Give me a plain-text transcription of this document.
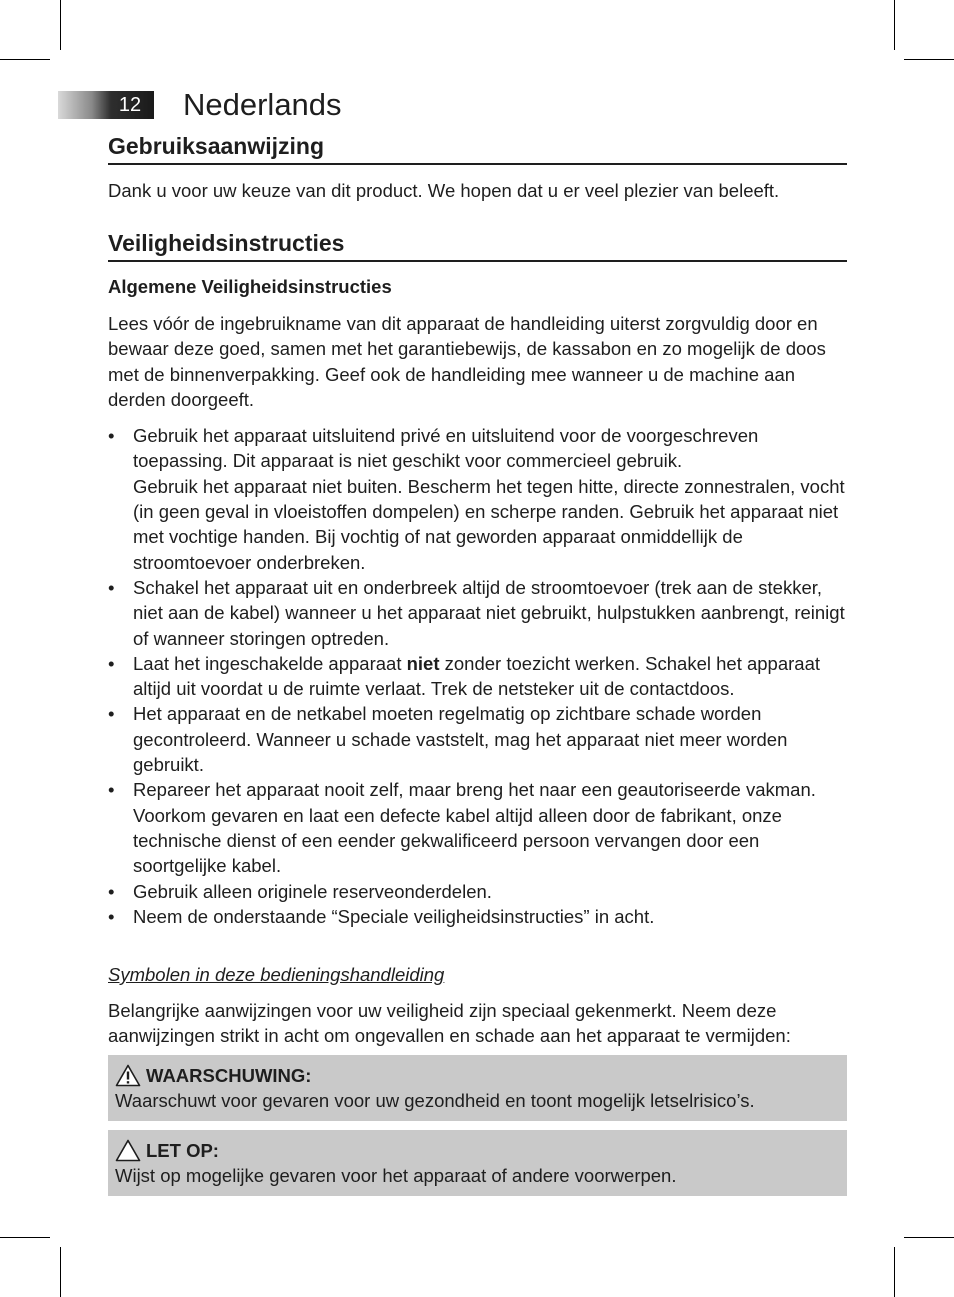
12	Nederlands
Gebruiksaanwijzing

Dank u voor uw keuze van dit product. We hopen dat u er veel plezier van beleeft.

Veiligheidsinstructies
Algemene Veiligheidsinstructies

Lees vóór de ingebruikname van dit apparaat de handleiding uiterst zorgvuldig door en bewaar deze goed, samen met het garantiebewijs, de kassabon en zo mogelijk de doos met de binnenverpakking. Geef ook de handleiding mee wanneer u de machine aan derden doorgeeft.

• Gebruik het apparaat uitsluitend privé en uitsluitend voor de voorgeschreven toepassing. Dit apparaat is niet geschikt voor commercieel gebruik.
Gebruik het apparaat niet buiten. Bescherm het tegen hitte, directe zonnestralen, vocht (in geen geval in vloeistoffen dompelen) en scherpe randen. Gebruik het apparaat niet met vochtige handen. Bij vochtig of nat geworden apparaat onmiddellijk de stroomtoevoer onderbreken.
• Schakel het apparaat uit en onderbreek altijd de stroomtoevoer (trek aan de stekker, niet aan de kabel) wanneer u het apparaat niet gebruikt, hulpstukken aanbrengt, reinigt of wanneer storingen optreden.
• Laat het ingeschakelde apparaat niet zonder toezicht werken. Schakel het apparaat altijd uit voordat u de ruimte verlaat. Trek de netsteker uit de contactdoos.
• Het apparaat en de netkabel moeten regelmatig op zichtbare schade worden gecontroleerd. Wanneer u schade vaststelt, mag het apparaat niet meer worden gebruikt.
• Repareer het apparaat nooit zelf, maar breng het naar een geautoriseerde vakman. Voorkom gevaren en laat een defecte kabel altijd alleen door de fabrikant, onze technische dienst of een eender gekwalificeerd persoon vervangen door een soortgelijke kabel.
• Gebruik alleen originele reserveonderdelen.
• Neem de onderstaande “Speciale veiligheidsinstructies” in acht.
Symbolen in deze bedieningshandleiding

Belangrijke aanwijzingen voor uw veiligheid zijn speciaal gekenmerkt. Neem deze aanwijzingen strikt in acht om ongevallen en schade aan het apparaat te vermijden:

WAARSCHUWING:
Waarschuwt voor gevaren voor uw gezondheid en toont mogelijk letselrisico’s.
LET OP:
Wijst op mogelijke gevaren voor het apparaat of andere voorwerpen.
